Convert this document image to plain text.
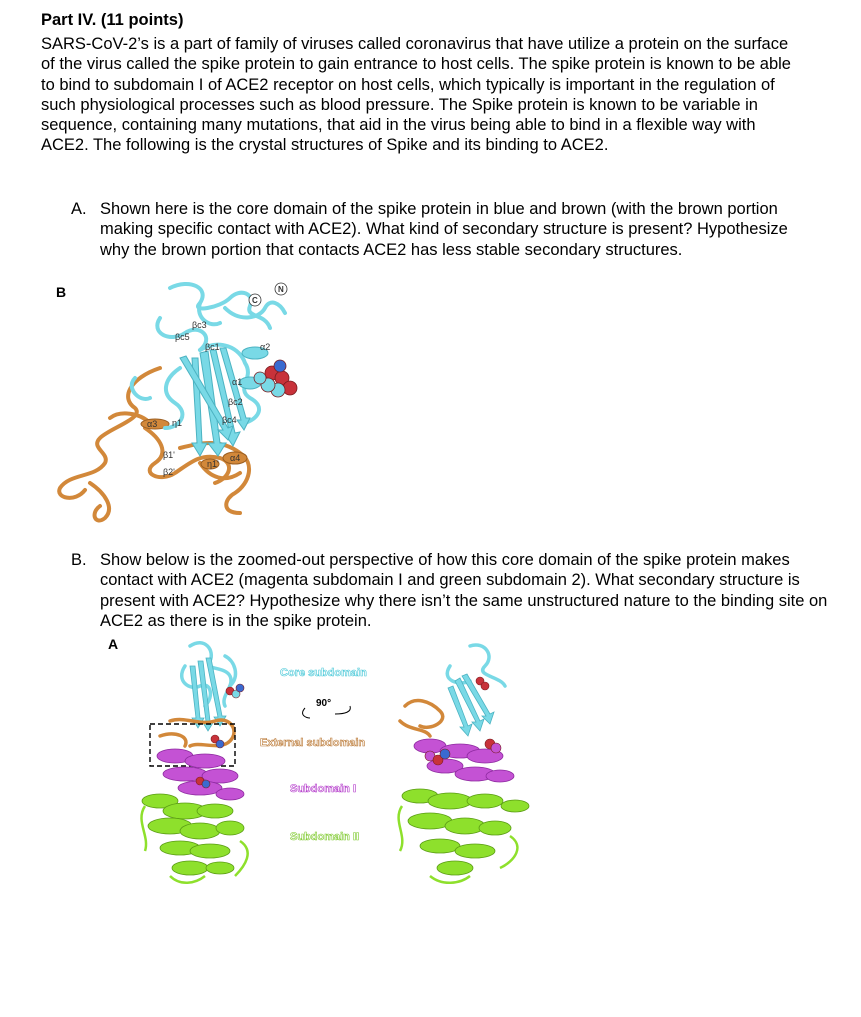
Part IV. (11 points)
SARS-CoV-2’s is a part of family of viruses called coronavirus that have utilize a protein on the surface of the virus called the spike protein to gain entrance to host cells. The spike protein is known to be able to bind to subdomain I of ACE2 receptor on host cells, which typically is important in the regulation of such physiological processes such as blood pressure. The Spike protein is known to be variable in sequence, containing many mutations, that aid in the virus being able to bind in a flexible way with ACE2. The following is the crystal structures of Spike and its binding to ACE2.
A. Shown here is the core domain of the spike protein in blue and brown (with the brown portion making specific contact with ACE2). What kind of secondary structure is present? Hypothesize why the brown portion that contacts ACE2 has less stable secondary structures.
B	N
C
βc3
βc5
βc1	α2
α1
βc2
βc4
α3 η1
β1'
β2'
η1'
α4
B. Show below is the zoomed-out perspective of how this core domain of the spike protein makes contact with ACE2 (magenta subdomain I and green subdomain 2). What secondary structure is present with ACE2? Hypothesize why there isn’t the same unstructured nature to the binding site on ACE2 as there is in the spike protein.
A
Core subdomain
90°
External subdomain
Subdomain I
Subdomain II
